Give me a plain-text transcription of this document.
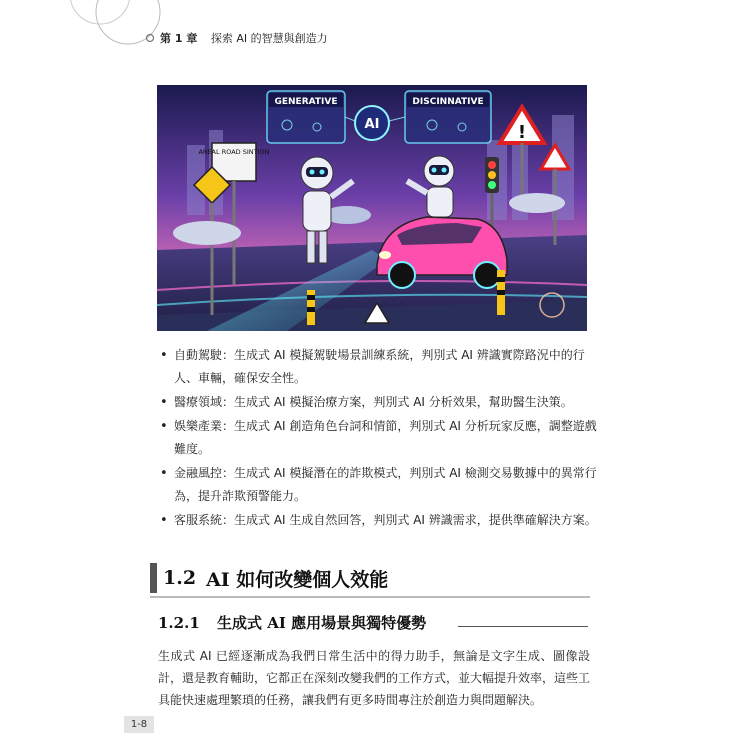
第 1 章 探索 AI 的智慧與創造力
GENERATIVE	DISCINNATIVE
AI	!
AREAL ROAD SINTION
• 自動駕駛：生成式 AI 模擬駕駛場景訓練系統，判別式 AI 辨識實際路況中的行人、車輛，確保安全性。
• 醫療領域：生成式 AI 模擬治療方案，判別式 AI 分析效果，幫助醫生決策。
• 娛樂產業：生成式 AI 創造角色台詞和情節，判別式 AI 分析玩家反應，調整遊戲難度。
• 金融風控：生成式 AI 模擬潛在的詐欺模式，判別式 AI 檢測交易數據中的異常行為，提升詐欺預警能力。
• 客服系統：生成式 AI 生成自然回答，判別式 AI 辨識需求，提供準確解決方案。
1.2 AI 如何改變個人效能
1.2.1 生成式 AI 應用場景與獨特優勢

生成式 AI 已經逐漸成為我們日常生活中的得力助手，無論是文字生成、圖像設計，還是教育輔助，它都正在深刻改變我們的工作方式，並大幅提升效率，這些工具能快速處理繁瑣的任務，讓我們有更多時間專注於創造力與問題解決。

1-8
